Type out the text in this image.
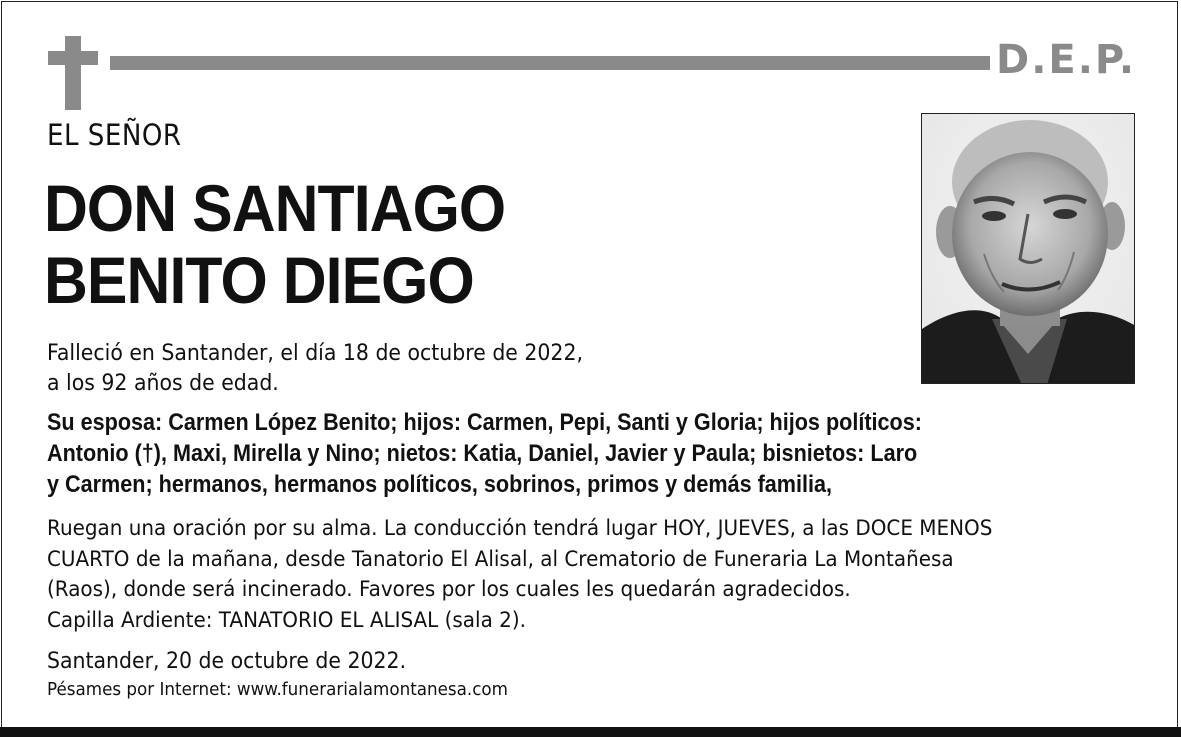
D.E.P.
EL SEÑOR
DON SANTIAGO
BENITO DIEGO
Falleció en Santander, el día 18 de octubre de 2022,
a los 92 años de edad.
Su esposa: Carmen López Benito; hijos: Carmen, Pepi, Santi y Gloria; hijos políticos:
Antonio (†), Maxi, Mirella y Nino; nietos: Katia, Daniel, Javier y Paula; bisnietos: Laro
y Carmen; hermanos, hermanos políticos, sobrinos, primos y demás familia,
Ruegan una oración por su alma. La conducción tendrá lugar HOY, JUEVES, a las DOCE MENOS
CUARTO de la mañana, desde Tanatorio El Alisal, al Crematorio de Funeraria La Montañesa
(Raos), donde será incinerado. Favores por los cuales les quedarán agradecidos.
Capilla Ardiente: TANATORIO EL ALISAL (sala 2).
Santander, 20 de octubre de 2022.
Pésames por Internet: www.funerarialamontanesa.com
